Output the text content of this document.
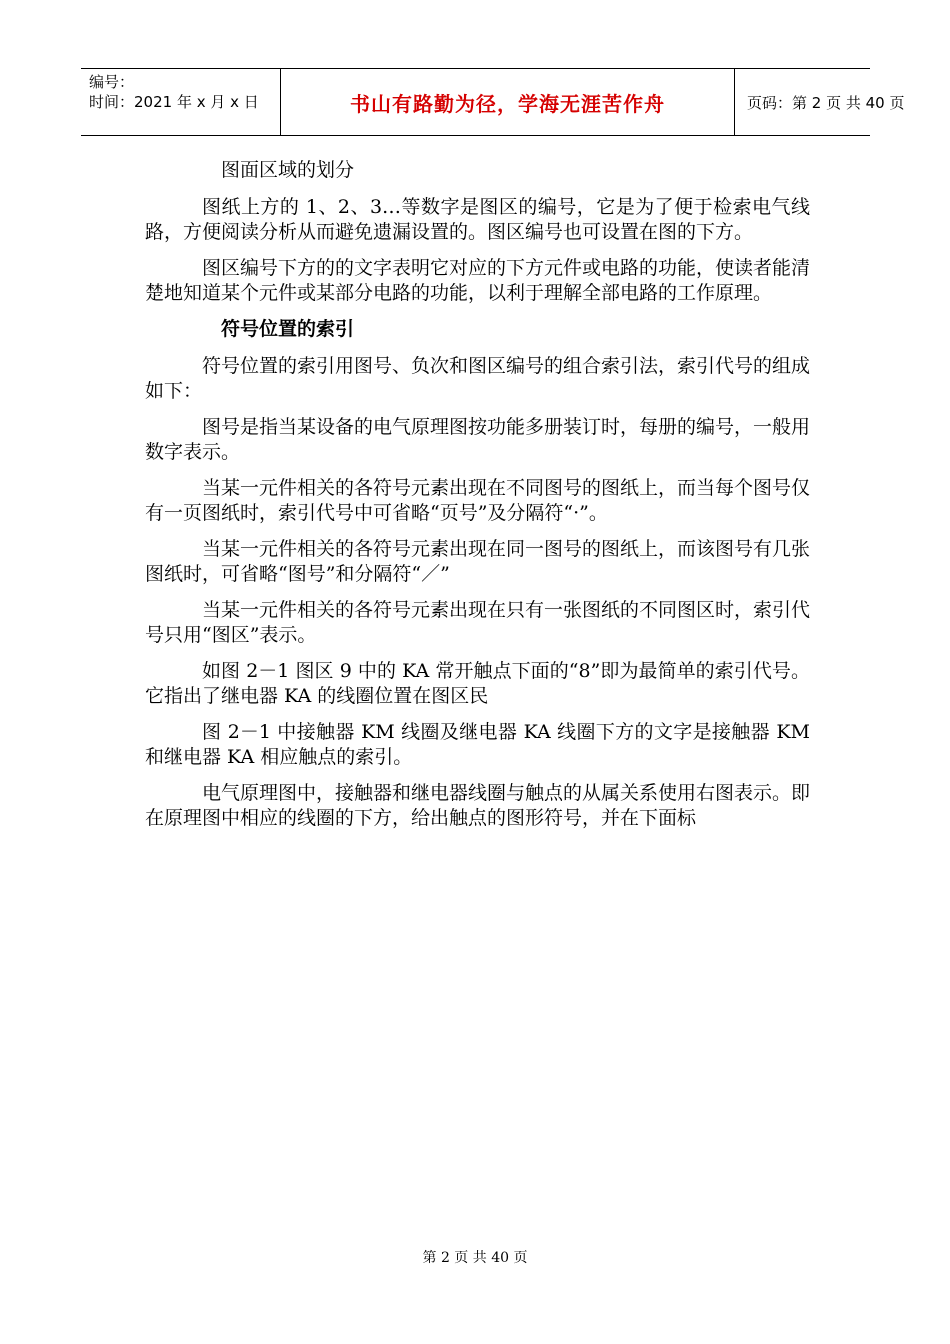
编号：
时间：2021 年 x 月 x 日	书山有路勤为径，学海无涯苦作舟	页码：第 2 页 共 40 页

图面区域的划分

图纸上方的 1、2、3…等数字是图区的编号，它是为了便于检索电气线路，方便阅读分析从而避免遗漏设置的。图区编号也可设置在图的下方。

图区编号下方的的文字表明它对应的下方元件或电路的功能，使读者能清楚地知道某个元件或某部分电路的功能，以利于理解全部电路的工作原理。

符号位置的索引

符号位置的索引用图号、负次和图区编号的组合索引法，索引代号的组成如下：

图号是指当某设备的电气原理图按功能多册装订时，每册的编号，一般用数字表示。

当某一元件相关的各符号元素出现在不同图号的图纸上，而当每个图号仅有一页图纸时，索引代号中可省略“页号”及分隔符“·”。

当某一元件相关的各符号元素出现在同一图号的图纸上，而该图号有几张图纸时，可省略“图号”和分隔符“／”

当某一元件相关的各符号元素出现在只有一张图纸的不同图区时，索引代号只用“图区”表示。

如图 2－1 图区 9 中的 KA 常开触点下面的“8”即为最简单的索引代号。它指出了继电器 KA 的线圈位置在图区民

图 2－1 中接触器 KM 线圈及继电器 KA 线圈下方的文字是接触器 KM 和继电器 KA 相应触点的索引。

电气原理图中，接触器和继电器线圈与触点的从属关系使用右图表示。即在原理图中相应的线圈的下方，给出触点的图形符号，并在下面标

第 2 页 共 40 页
